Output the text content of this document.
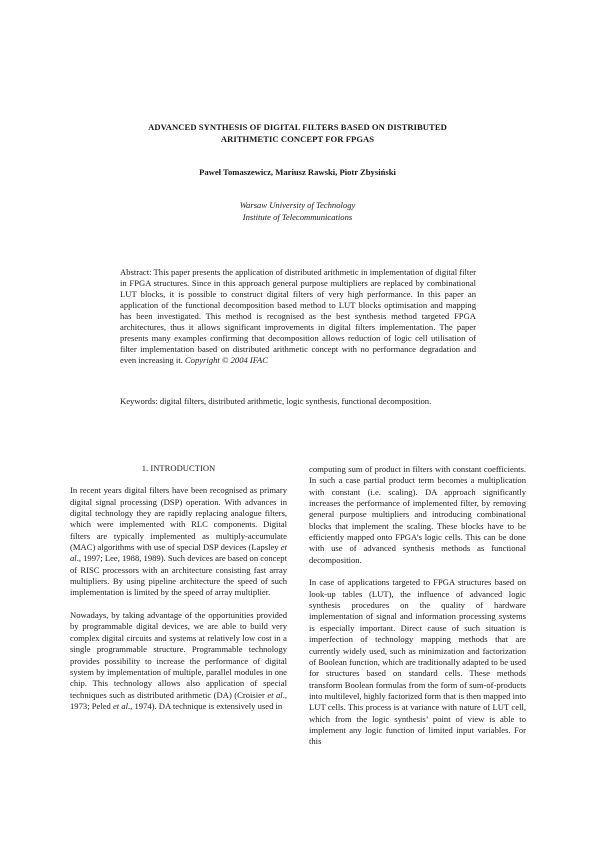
ADVANCED SYNTHESIS OF DIGITAL FILTERS BASED ON DISTRIBUTED
ARITHMETIC CONCEPT FOR FPGAS
Paweł Tomaszewicz, Mariusz Rawski, Piotr Zbysiński
Warsaw University of Technology
Institute of Telecommunications
Abstract: This paper presents the application of distributed arithmetic in implementation of digital filter in FPGA structures. Since in this approach general purpose multipliers are replaced by combinational LUT blocks, it is possible to construct digital filters of very high performance. In this paper an application of the functional decomposition based method to LUT blocks optimisation and mapping has been investigated. This method is recognised as the best synthesis method targeted FPGA architectures, thus it allows significant improvements in digital filters implementation. The paper presents many examples confirming that decomposition allows reduction of logic cell utilisation of filter implementation based on distributed arithmetic concept with no performance degradation and even increasing it. Copyright © 2004 IFAC
Keywords: digital filters, distributed arithmetic, logic synthesis, functional decomposition.

1. INTRODUCTION

In recent years digital filters have been recognised as primary digital signal processing (DSP) operation. With advances in digital technology they are rapidly replacing analogue filters, which were implemented with RLC components. Digital filters are typically implemented as multiply-accumulate (MAC) algorithms with use of special DSP devices (Lapsley et al., 1997; Lee, 1988, 1989). Such devices are based on concept of RISC processors with an architecture consisting fast array multipliers. By using pipeline architecture the speed of such implementation is limited by the speed of array multiplier.

Nowadays, by taking advantage of the opportunities provided by programmable digital devices, we are able to build very complex digital circuits and systems at relatively low cost in a single programmable structure. Programmable technology provides possibility to increase the performance of digital system by implementation of multiple, parallel modules in one chip. This technology allows also application of special techniques such as distributed arithmetic (DA) (Croisier et al., 1973; Peled et al., 1974). DA technique is extensively used in

computing sum of product in filters with constant coefficients. In such a case partial product term becomes a multiplication with constant (i.e. scaling). DA approach significantly increases the performance of implemented filter, by removing general purpose multipliers and introducing combinational blocks that implement the scaling. These blocks have to be efficiently mapped onto FPGA’s logic cells. This can be done with use of advanced synthesis methods as functional decomposition.

In case of applications targeted to FPGA structures based on look-up tables (LUT), the influence of advanced logic synthesis procedures on the quality of hardware implementation of signal and information processing systems is especially important. Direct cause of such situation is imperfection of technology mapping methods that are currently widely used, such as minimization and factorization of Boolean function, which are traditionally adapted to be used for structures based on standard cells. These methods transform Boolean formulas from the form of sum-of-products into multilevel, highly factorized form that is then mapped into LUT cells. This process is at variance with nature of LUT cell, which from the logic synthesis’ point of view is able to implement any logic function of limited input variables. For this
